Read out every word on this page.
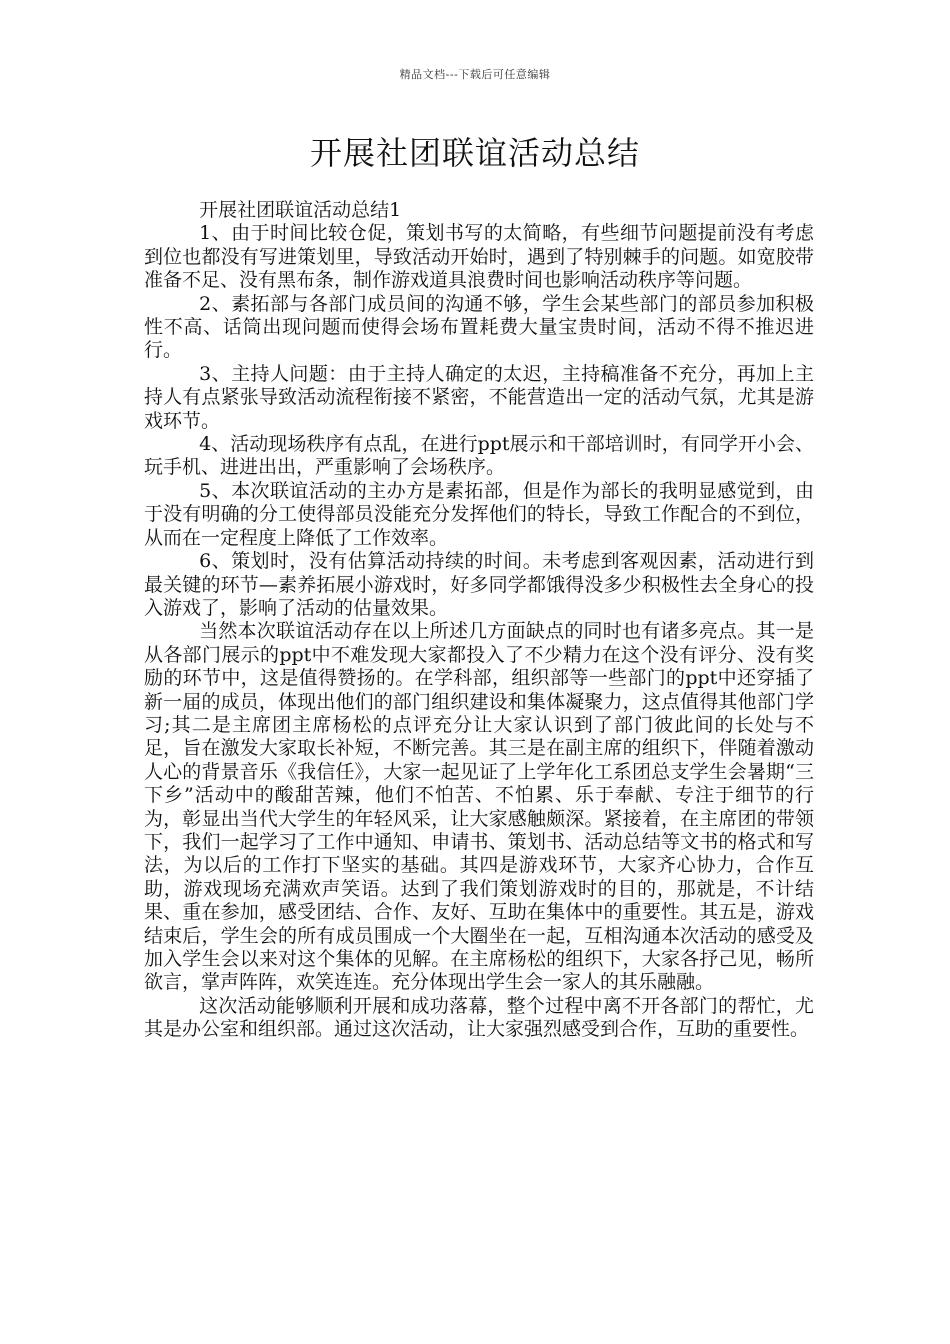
精品文档---下载后可任意编辑
开展社团联谊活动总结

开展社团联谊活动总结1

1、由于时间比较仓促，策划书写的太简略，有些细节问题提前没有考虑到位也都没有写进策划里，导致活动开始时，遇到了特别棘手的问题。如宽胶带准备不足、没有黑布条，制作游戏道具浪费时间也影响活动秩序等问题。

2、素拓部与各部门成员间的沟通不够，学生会某些部门的部员参加积极性不高、话筒出现问题而使得会场布置耗费大量宝贵时间，活动不得不推迟进行。

3、主持人问题：由于主持人确定的太迟，主持稿准备不充分，再加上主持人有点紧张导致活动流程衔接不紧密，不能营造出一定的活动气氛，尤其是游戏环节。

4、活动现场秩序有点乱，在进行ppt展示和干部培训时，有同学开小会、玩手机、进进出出，严重影响了会场秩序。

5、本次联谊活动的主办方是素拓部，但是作为部长的我明显感觉到，由于没有明确的分工使得部员没能充分发挥他们的特长，导致工作配合的不到位，从而在一定程度上降低了工作效率。

6、策划时，没有估算活动持续的时间。未考虑到客观因素，活动进行到最关键的环节—素养拓展小游戏时，好多同学都饿得没多少积极性去全身心的投入游戏了，影响了活动的估量效果。

当然本次联谊活动存在以上所述几方面缺点的同时也有诸多亮点。其一是从各部门展示的ppt中不难发现大家都投入了不少精力在这个没有评分、没有奖励的环节中，这是值得赞扬的。在学科部，组织部等一些部门的ppt中还穿插了新一届的成员，体现出他们的部门组织建设和集体凝聚力，这点值得其他部门学习;其二是主席团主席杨松的点评充分让大家认识到了部门彼此间的长处与不足，旨在激发大家取长补短，不断完善。其三是在副主席的组织下，伴随着激动人心的背景音乐《我信任》，大家一起见证了上学年化工系团总支学生会暑期“三下乡”活动中的酸甜苦辣，他们不怕苦、不怕累、乐于奉献、专注于细节的行为，彰显出当代大学生的年轻风采，让大家感触颇深。紧接着，在主席团的带领下，我们一起学习了工作中通知、申请书、策划书、活动总结等文书的格式和写法，为以后的工作打下坚实的基础。其四是游戏环节，大家齐心协力，合作互助，游戏现场充满欢声笑语。达到了我们策划游戏时的目的，那就是，不计结果、重在参加，感受团结、合作、友好、互助在集体中的重要性。其五是，游戏结束后，学生会的所有成员围成一个大圈坐在一起，互相沟通本次活动的感受及加入学生会以来对这个集体的见解。在主席杨松的组织下，大家各抒己见，畅所欲言，掌声阵阵，欢笑连连。充分体现出学生会一家人的其乐融融。

这次活动能够顺利开展和成功落幕，整个过程中离不开各部门的帮忙，尤其是办公室和组织部。通过这次活动，让大家强烈感受到合作，互助的重要性。
